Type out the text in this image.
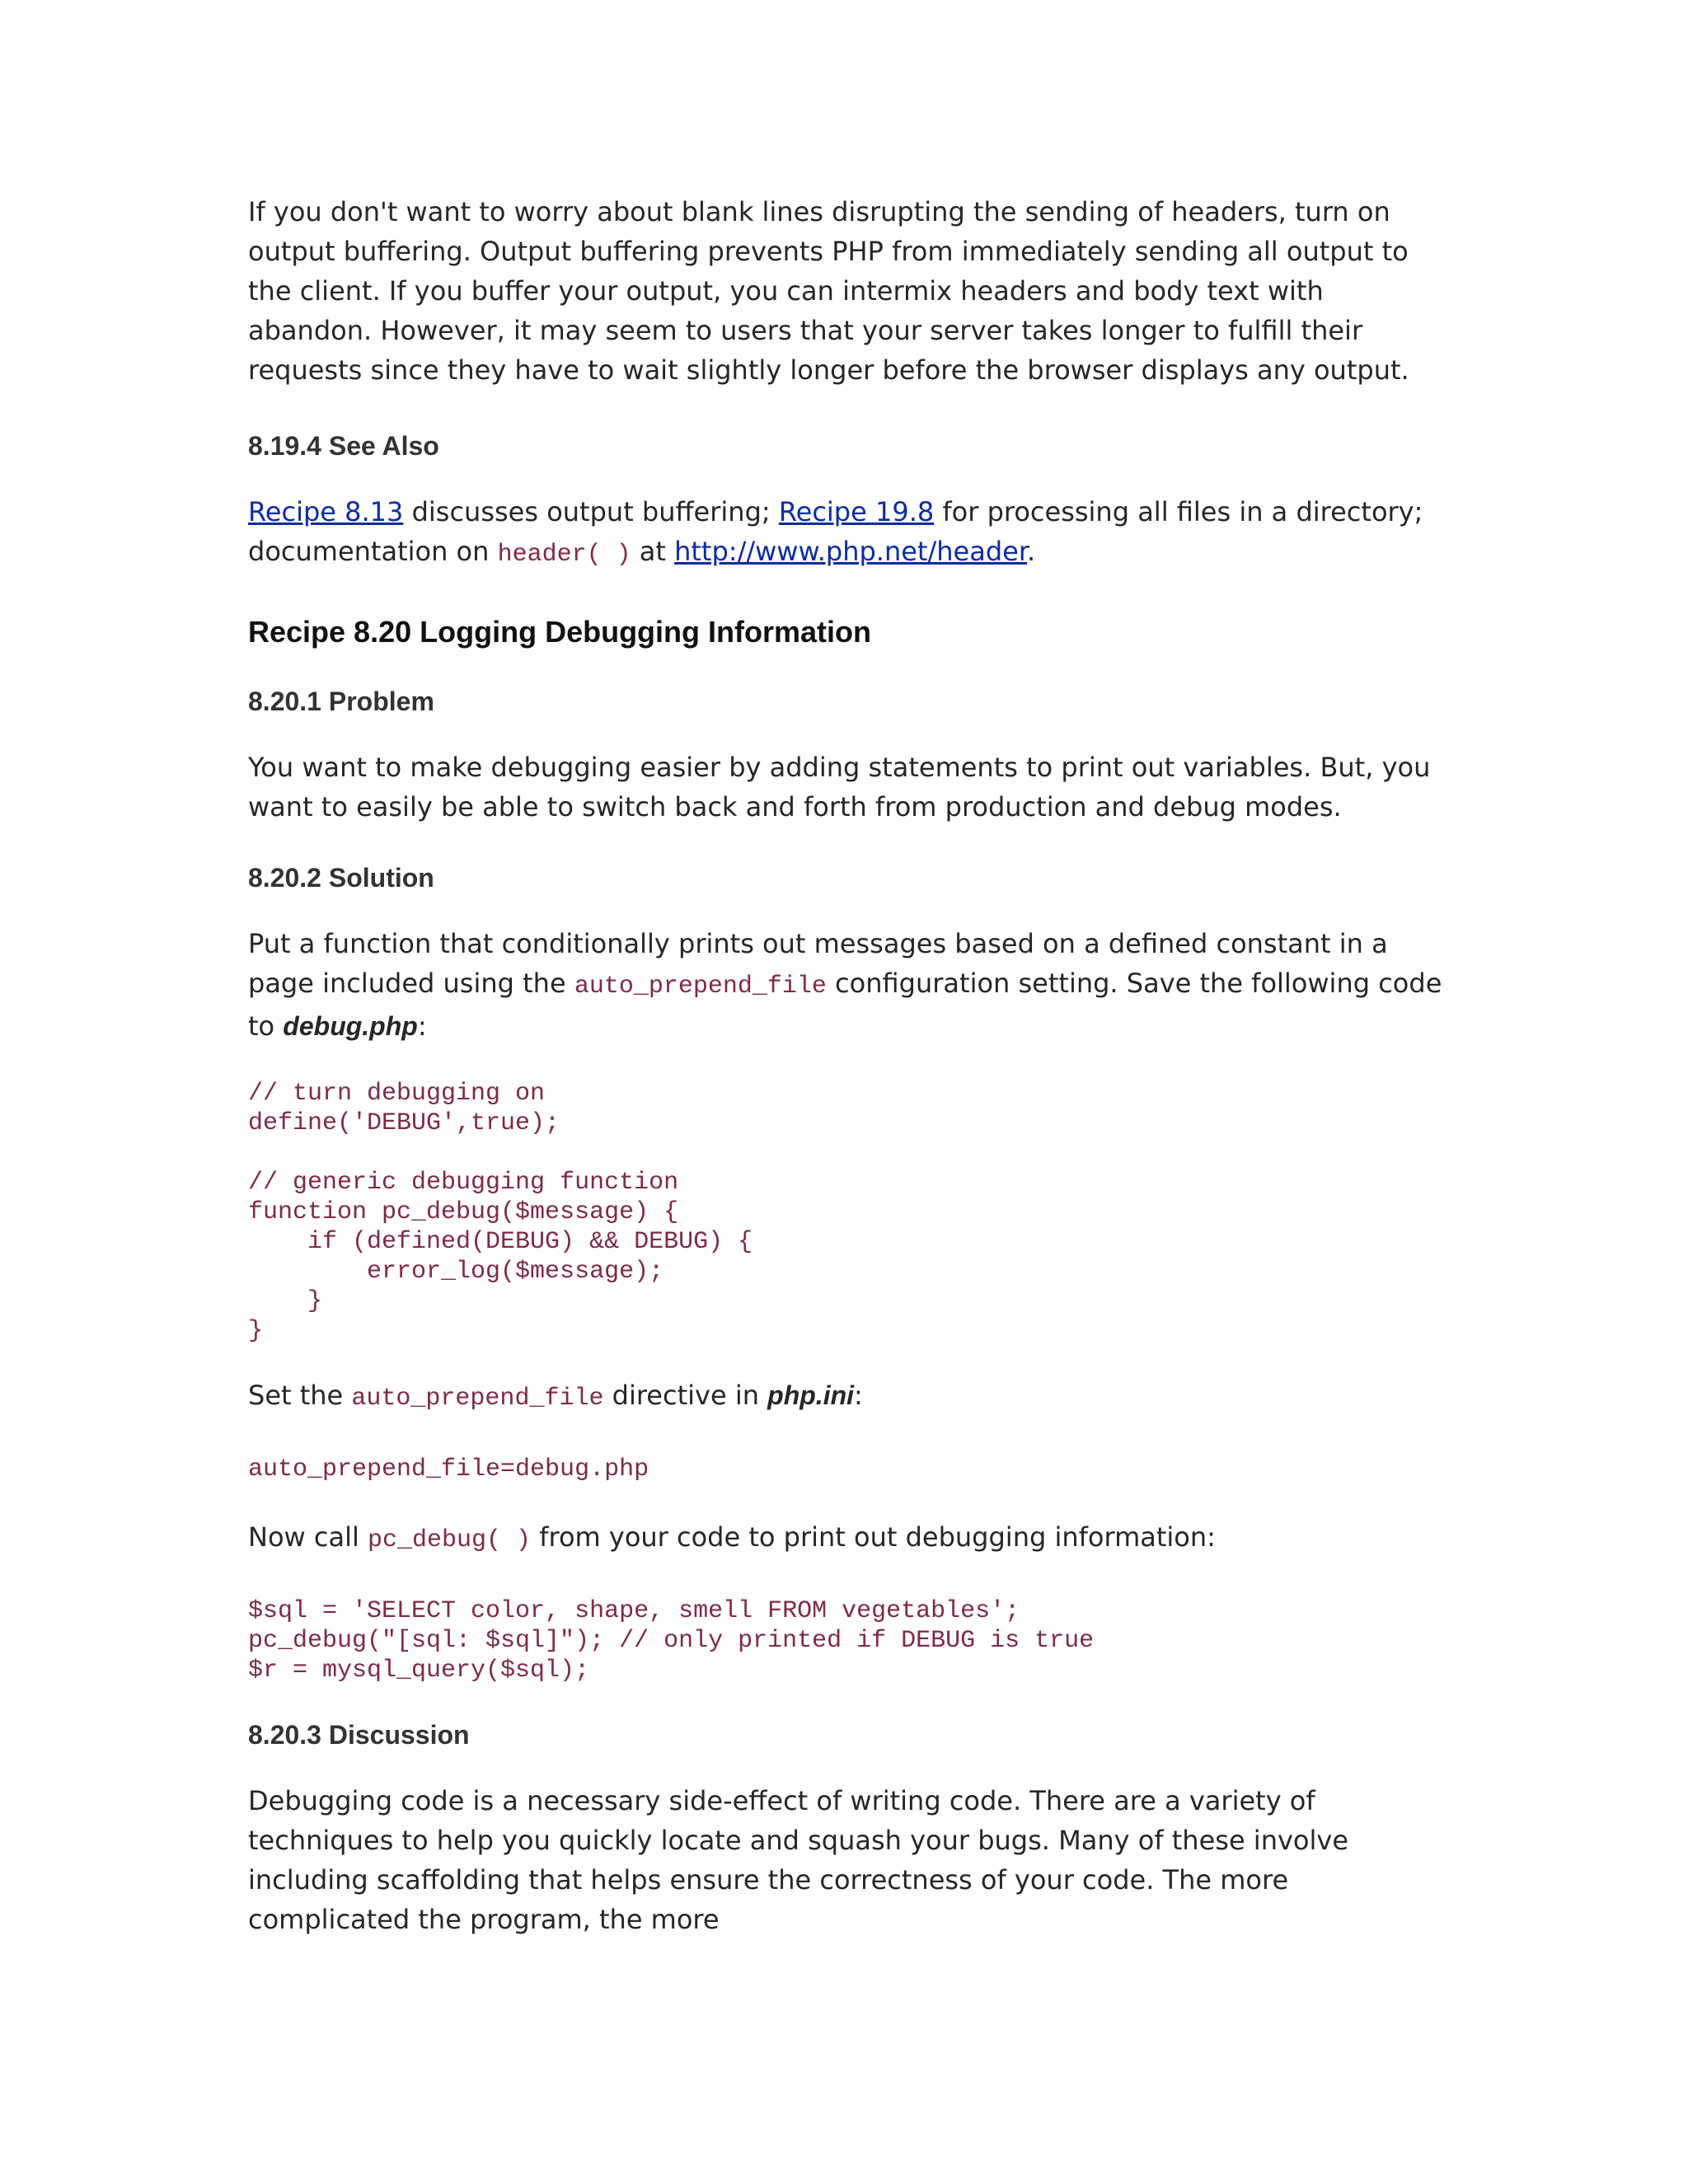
If you don't want to worry about blank lines disrupting the sending of headers, turn on output buffering. Output buffering prevents PHP from immediately sending all output to the client. If you buffer your output, you can intermix headers and body text with abandon. However, it may seem to users that your server takes longer to fulfill their requests since they have to wait slightly longer before the browser displays any output.

8.19.4 See Also

Recipe 8.13 discusses output buffering; Recipe 19.8 for processing all files in a directory; documentation on header( ) at http://www.php.net/header.

Recipe 8.20 Logging Debugging Information
8.20.1 Problem

You want to make debugging easier by adding statements to print out variables. But, you want to easily be able to switch back and forth from production and debug modes.

8.20.2 Solution

Put a function that conditionally prints out messages based on a defined constant in a page included using the auto_prepend_file configuration setting. Save the following code to debug.php:

// turn debugging on
define('DEBUG',true);

// generic debugging function
function pc_debug($message) {
if (defined(DEBUG) && DEBUG) {
error_log($message);
}
}

Set the auto_prepend_file directive in php.ini:

auto_prepend_file=debug.php

Now call pc_debug( ) from your code to print out debugging information:

$sql = 'SELECT color, shape, smell FROM vegetables';
pc_debug("[sql: $sql]"); // only printed if DEBUG is true
$r = mysql_query($sql);
8.20.3 Discussion

Debugging code is a necessary side-effect of writing code. There are a variety of techniques to help you quickly locate and squash your bugs. Many of these involve including scaffolding that helps ensure the correctness of your code. The more complicated the program, the more
